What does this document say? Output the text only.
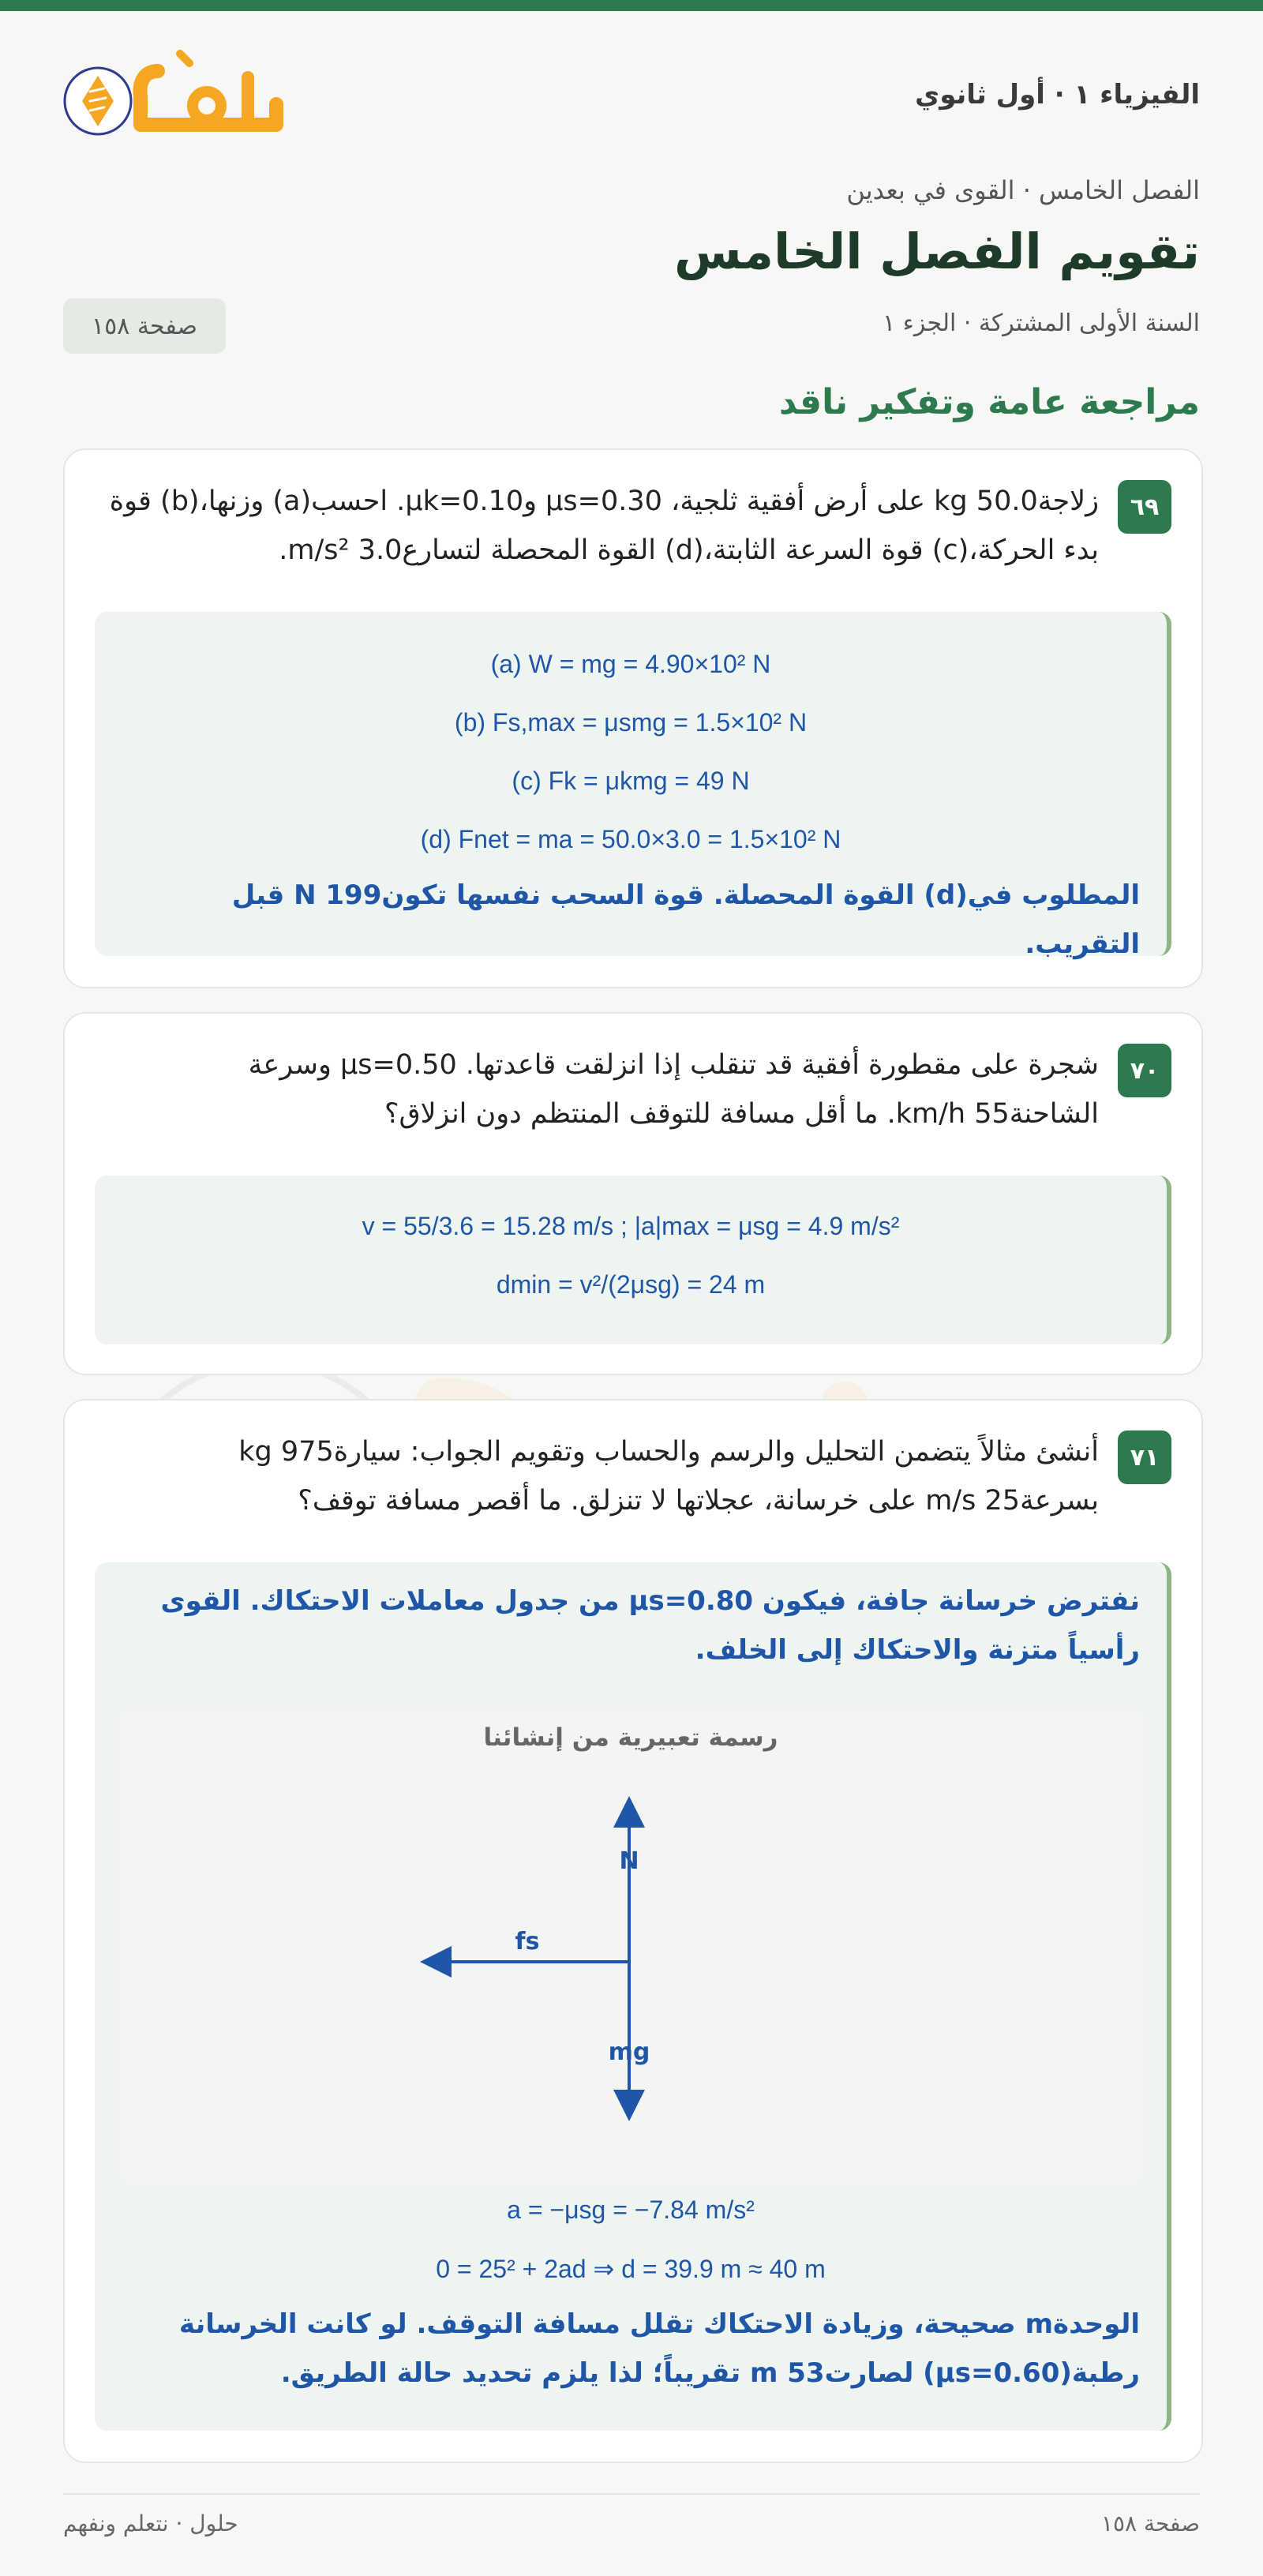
الفيزياء ١ · أول ثانوي
الفصل الخامس · القوى في بعدين
تقويم الفصل الخامس
السنة الأولى المشتركة · الجزء ١
صفحة ١٥٨
مراجعة عامة وتفكير ناقد
٦٩
زلاجة50.0 kg على أرض أفقية ثلجية، μs=0.30 وμk=0.10. احسب(a) وزنها،(b) قوة
بدء الحركة،(c) قوة السرعة الثابتة،(d) القوة المحصلة لتسارع3.0 m/s².
(a) W = mg = 4.90×10² N
(b) Fs,max = μsmg = 1.5×10² N
(c) Fk = μkmg = 49 N
(d) Fnet = ma = 50.0×3.0 = 1.5×10² N
المطلوب في(d) القوة المحصلة. قوة السحب نفسها تكون199 N قبل التقريب.
٧٠
شجرة على مقطورة أفقية قد تنقلب إذا انزلقت قاعدتها. μs=0.50 وسرعة
الشاحنة55 km/h. ما أقل مسافة للتوقف المنتظم دون انزلاق؟
v = 55/3.6 = 15.28 m/s ; |a|max = μsg = 4.9 m/s²
dmin = v²/(2μsg) = 24 m
٧١
أنشئ مثالاً يتضمن التحليل والرسم والحساب وتقويم الجواب: سيارة975 kg
بسرعة25 m/s على خرسانة، عجلاتها لا تنزلق. ما أقصر مسافة توقف؟
نفترض خرسانة جافة، فيكون μs=0.80 من جدول معاملات الاحتكاك. القوى
رأسياً متزنة والاحتكاك إلى الخلف.
رسمة تعبيرية من إنشائنا
N
fs
mg
a = −μsg = −7.84 m/s²
0 = 25² + 2ad ⇒ d = 39.9 m ≈ 40 m
الوحدةm صحيحة، وزيادة الاحتكاك تقلل مسافة التوقف. لو كانت الخرسانة
رطبة(μs=0.60) لصارت53 m تقريباً؛ لذا يلزم تحديد حالة الطريق.
حلول · نتعلم ونفهم	صفحة ١٥٨
